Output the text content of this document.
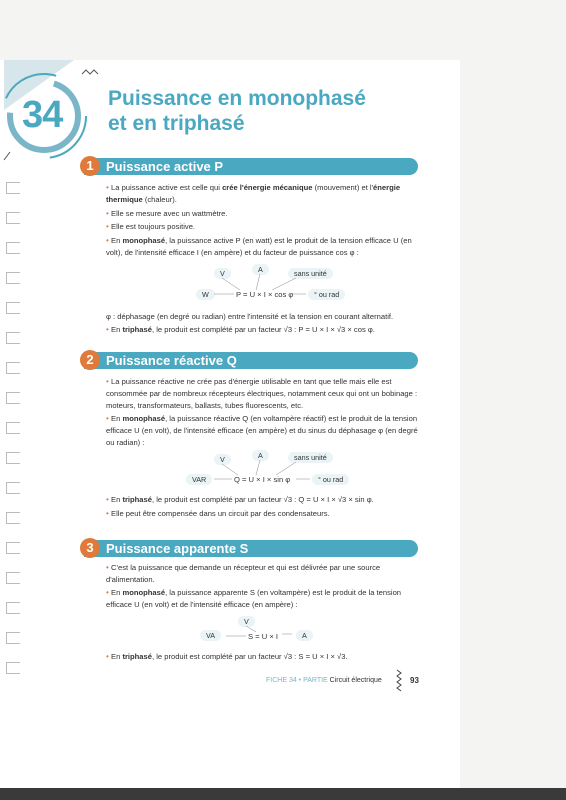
34 Puissance en monophasé
et en triphasé
1 Puissance active P
• La puissance active est celle qui crée l'énergie mécanique (mouvement) et l'énergie thermique (chaleur).
• Elle se mesure avec un wattmètre.
• Elle est toujours positive.
• En monophasé, la puissance active P (en watt) est le produit de la tension efficace U (en volt), de l'intensité efficace I (en ampère) et du facteur de puissance cos φ :
V	A	sans unité
W	° ou rad
P = U × I × cos φ
φ : déphasage (en degré ou radian) entre l'intensité et la tension en courant alternatif.
• En triphasé, le produit est complété par un facteur √3 : P = U × I × √3 × cos φ.
2 Puissance réactive Q
• La puissance réactive ne crée pas d'énergie utilisable en tant que telle mais elle est consommée par de nombreux récepteurs électriques, notamment ceux qui ont un bobinage : moteurs, transformateurs, ballasts, tubes fluorescents, etc.
• En monophasé, la puissance réactive Q (en voltampère réactif) est le produit de la tension efficace U (en volt), de l'intensité efficace (en ampère) et du sinus du déphasage φ (en degré ou radian) :
V	A	sans unité
VAR	° ou rad
Q = U × I × sin φ
• En triphasé, le produit est complété par un facteur √3 : Q = U × I × √3 × sin φ.
• Elle peut être compensée dans un circuit par des condensateurs.
3 Puissance apparente S
• C'est la puissance que demande un récepteur et qui est délivrée par une source d'alimentation.
• En monophasé, la puissance apparente S (en voltampère) est le produit de la tension efficace U (en volt) et de l'intensité efficace (en ampère) :
V
VA	A
S = U × I
• En triphasé, le produit est complété par un facteur √3 : S = U × I × √3.
FICHE 34 • PARTIE Circuit électrique	93
